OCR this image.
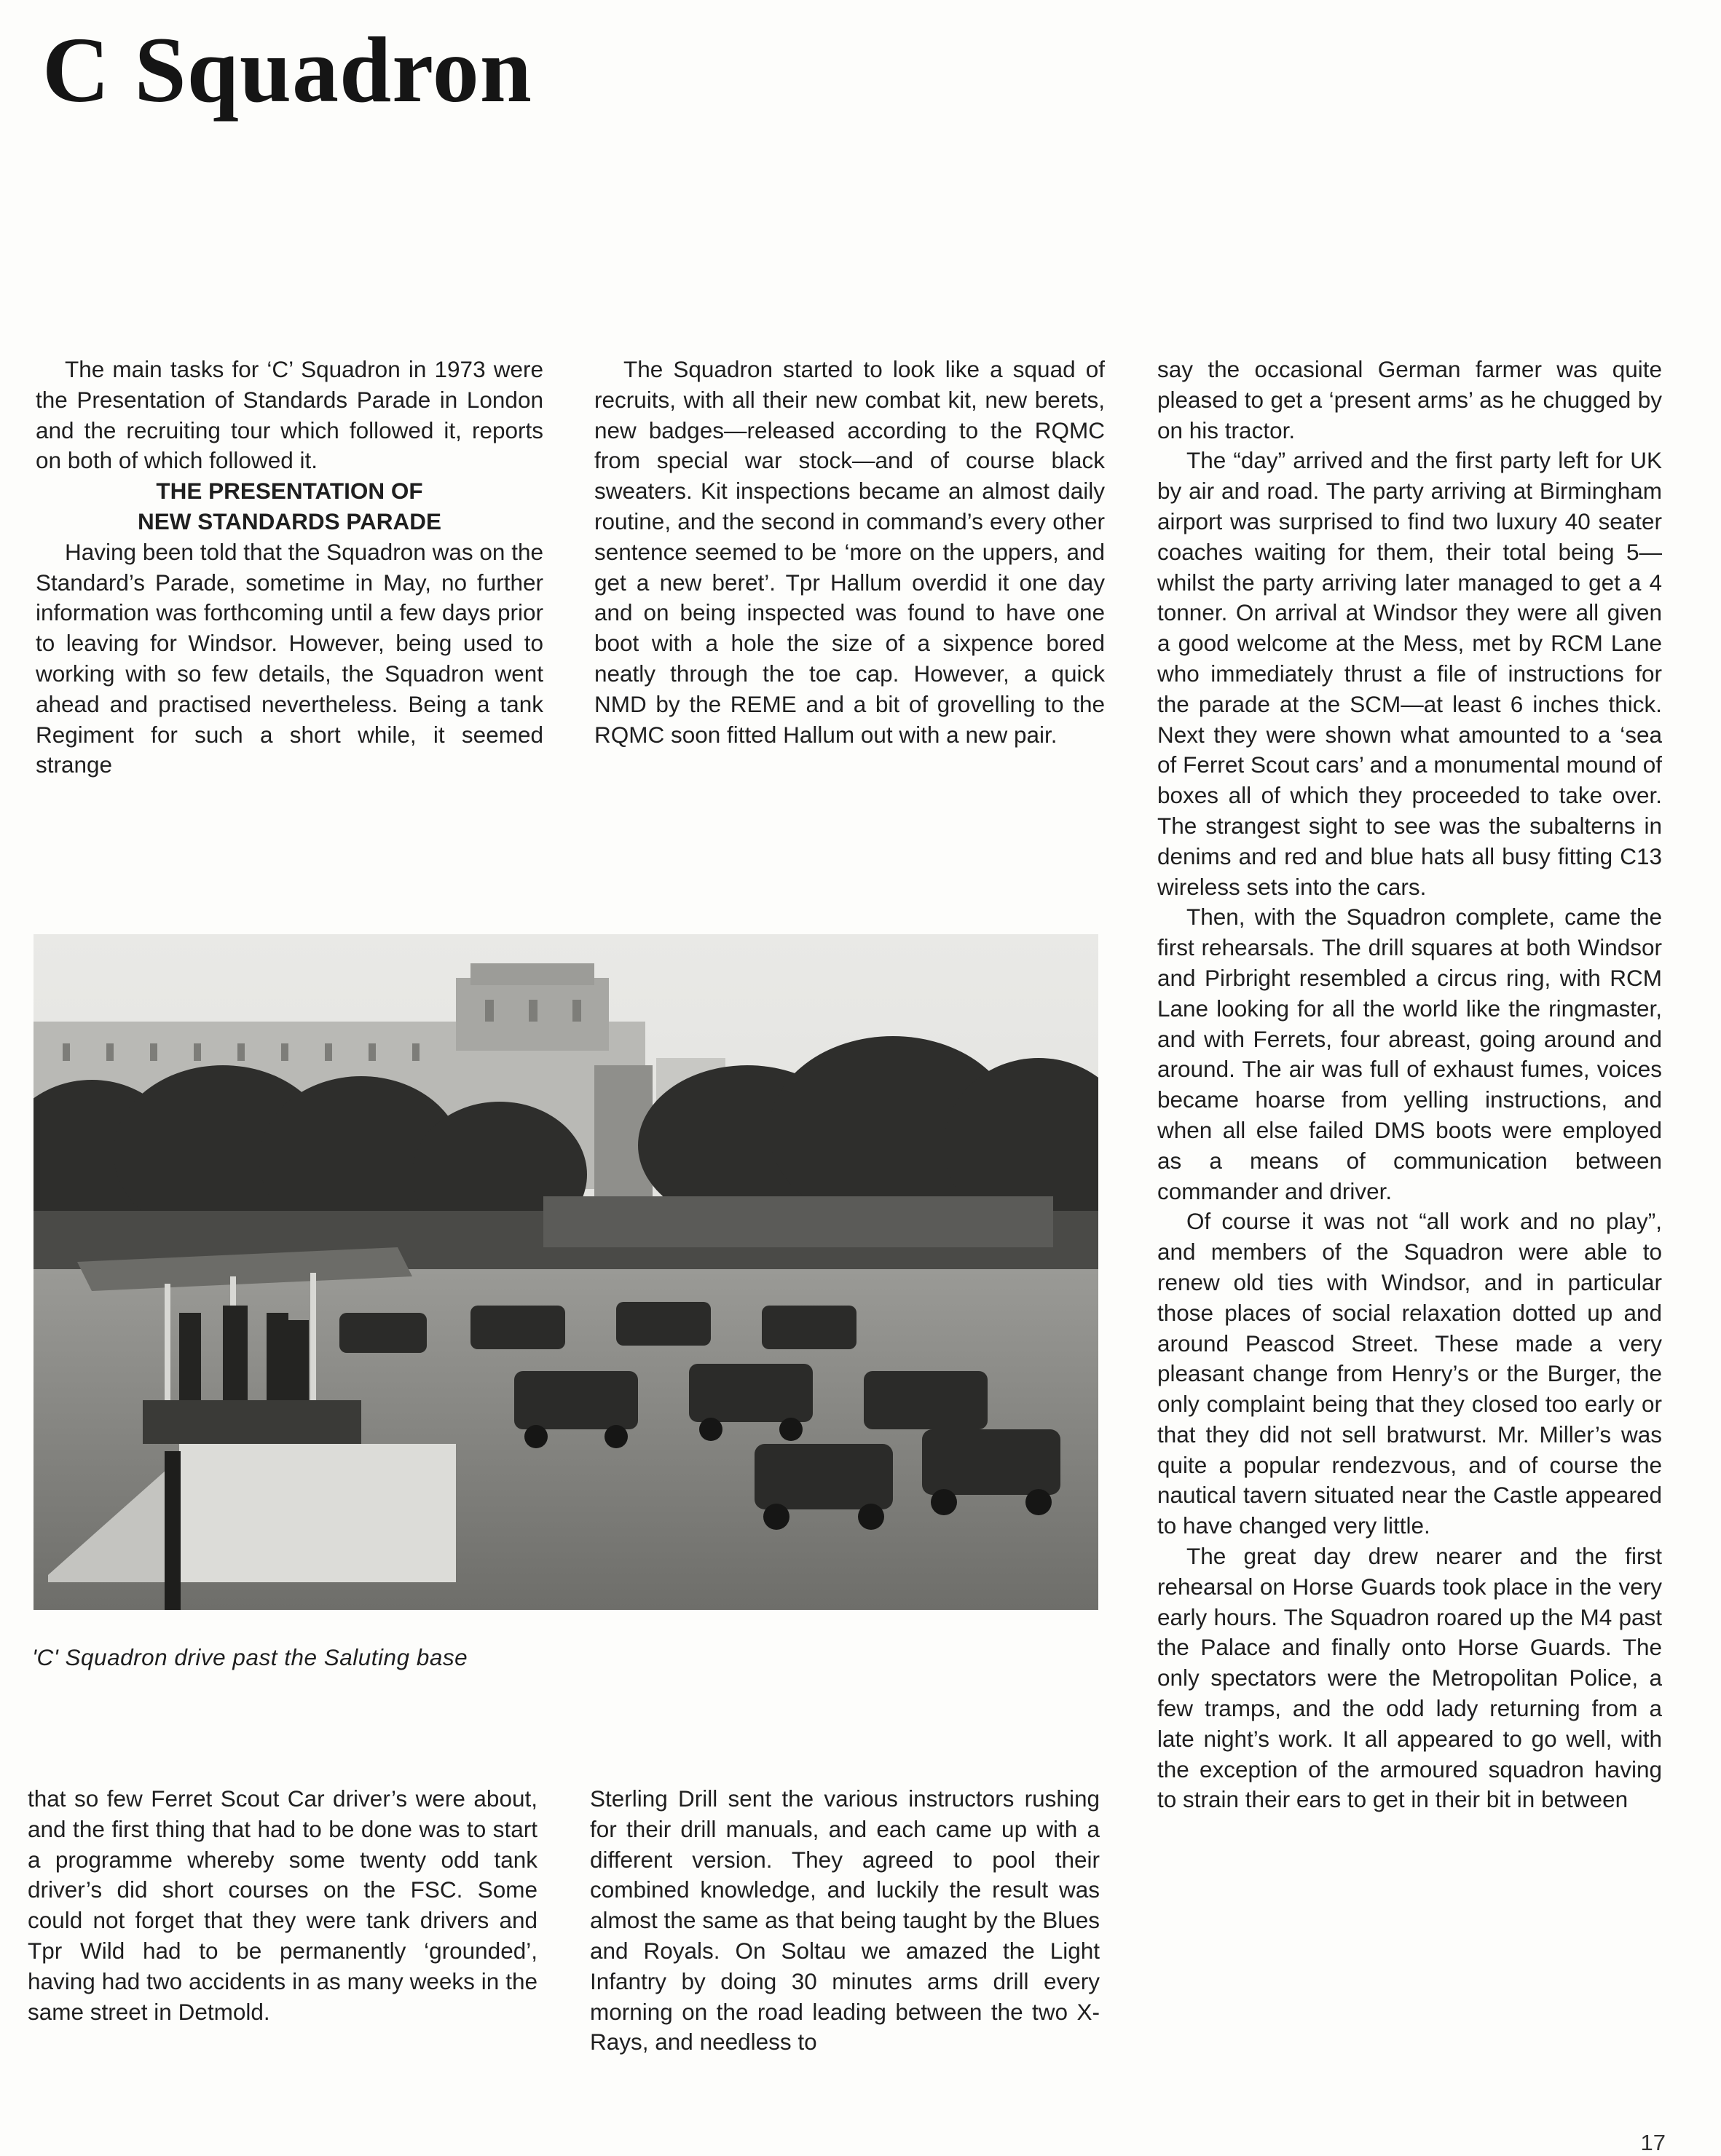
C Squadron

The main tasks for ‘C’ Squadron in 1973 were the Presentation of Standards Parade in London and the recruiting tour which followed it, reports on both of which followed it.

THE PRESENTATION OF
NEW STANDARDS PARADE

Having been told that the Squadron was on the Standard’s Parade, sometime in May, no further information was forthcoming until a few days prior to leaving for Windsor. However, being used to working with so few details, the Squadron went ahead and practised nevertheless. Being a tank Regiment for such a short while, it seemed strange

The Squadron started to look like a squad of recruits, with all their new combat kit, new berets, new badges—released according to the RQMC from special war stock—and of course black sweaters. Kit inspections became an almost daily routine, and the second in command’s every other sentence seemed to be ‘more on the uppers, and get a new beret’. Tpr Hallum overdid it one day and on being inspected was found to have one boot with a hole the size of a sixpence bored neatly through the toe cap. However, a quick NMD by the REME and a bit of grovelling to the RQMC soon fitted Hallum out with a new pair.

say the occasional German farmer was quite pleased to get a ‘present arms’ as he chugged by on his tractor.

The “day” arrived and the first party left for UK by air and road. The party arriving at Birmingham airport was surprised to find two luxury 40 seater coaches waiting for them, their total being 5—whilst the party arriving later managed to get a 4 tonner. On arrival at Windsor they were all given a good welcome at the Mess, met by RCM Lane who immediately thrust a file of instructions for the parade at the SCM—at least 6 inches thick. Next they were shown what amounted to a ‘sea of Ferret Scout cars’ and a monumental mound of boxes all of which they proceeded to take over. The strangest sight to see was the subalterns in denims and red and blue hats all busy fitting C13 wireless sets into the cars.

Then, with the Squadron complete, came the first rehearsals. The drill squares at both Windsor and Pirbright resembled a circus ring, with RCM Lane looking for all the world like the ringmaster, and with Ferrets, four abreast, going around and around. The air was full of exhaust fumes, voices became hoarse from yelling instructions, and when all else failed DMS boots were employed as a means of communication between commander and driver.

Of course it was not “all work and no play”, and members of the Squadron were able to renew old ties with Windsor, and in particular those places of social relaxation dotted up and around Peascod Street. These made a very pleasant change from Henry’s or the Burger, the only complaint being that they closed too early or that they did not sell bratwurst. Mr. Miller’s was quite a popular rendezvous, and of course the nautical tavern situated near the Castle appeared to have changed very little.

The great day drew nearer and the first rehearsal on Horse Guards took place in the very early hours. The Squadron roared up the M4 past the Palace and finally onto Horse Guards. The only spectators were the Metropolitan Police, a few tramps, and the odd lady returning from a late night’s work. It all appeared to go well, with the exception of the armoured squadron having to strain their ears to get in their bit in between

'C' Squadron drive past the Saluting base

that so few Ferret Scout Car driver’s were about, and the first thing that had to be done was to start a programme whereby some twenty odd tank driver’s did short courses on the FSC. Some could not forget that they were tank drivers and Tpr Wild had to be permanently ‘grounded’, having had two accidents in as many weeks in the same street in Detmold.

Sterling Drill sent the various instructors rushing for their drill manuals, and each came up with a different version. They agreed to pool their combined knowledge, and luckily the result was almost the same as that being taught by the Blues and Royals. On Soltau we amazed the Light Infantry by doing 30 minutes arms drill every morning on the road leading between the two X-Rays, and needless to

17
